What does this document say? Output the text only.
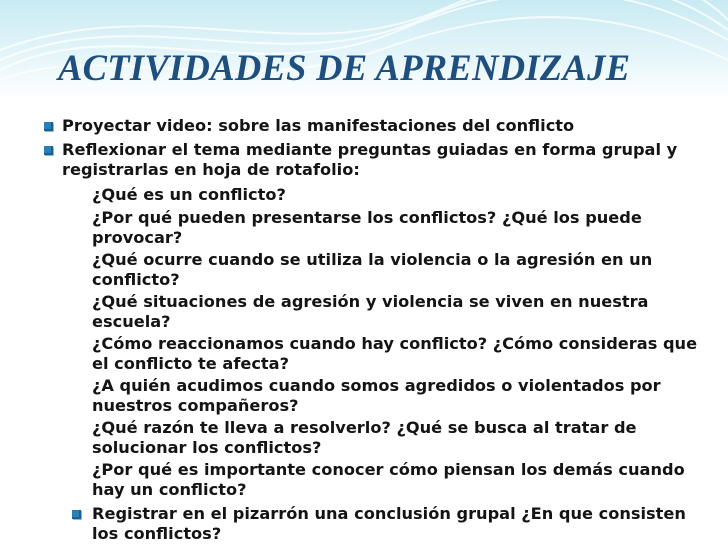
ACTIVIDADES DE APRENDIZAJE
Proyectar video: sobre las manifestaciones del conflicto
Reflexionar el tema mediante preguntas guiadas en forma grupal y registrarlas en hoja de rotafolio:
¿Qué es un conflicto?
¿Por qué pueden presentarse los conflictos? ¿Qué los puede provocar?
¿Qué ocurre cuando se utiliza la violencia o la agresión en un conflicto?
¿Qué situaciones de agresión y violencia se viven en nuestra escuela?
¿Cómo reaccionamos cuando hay conflicto? ¿Cómo consideras que el conflicto te afecta?
¿A quién acudimos cuando somos agredidos o violentados por nuestros compañeros?
¿Qué razón te lleva a resolverlo? ¿Qué se busca al tratar de solucionar los conflictos?
¿Por qué es importante conocer cómo piensan los demás cuando hay un conflicto?
Registrar en el pizarrón una conclusión grupal ¿En que consisten los conflictos?
